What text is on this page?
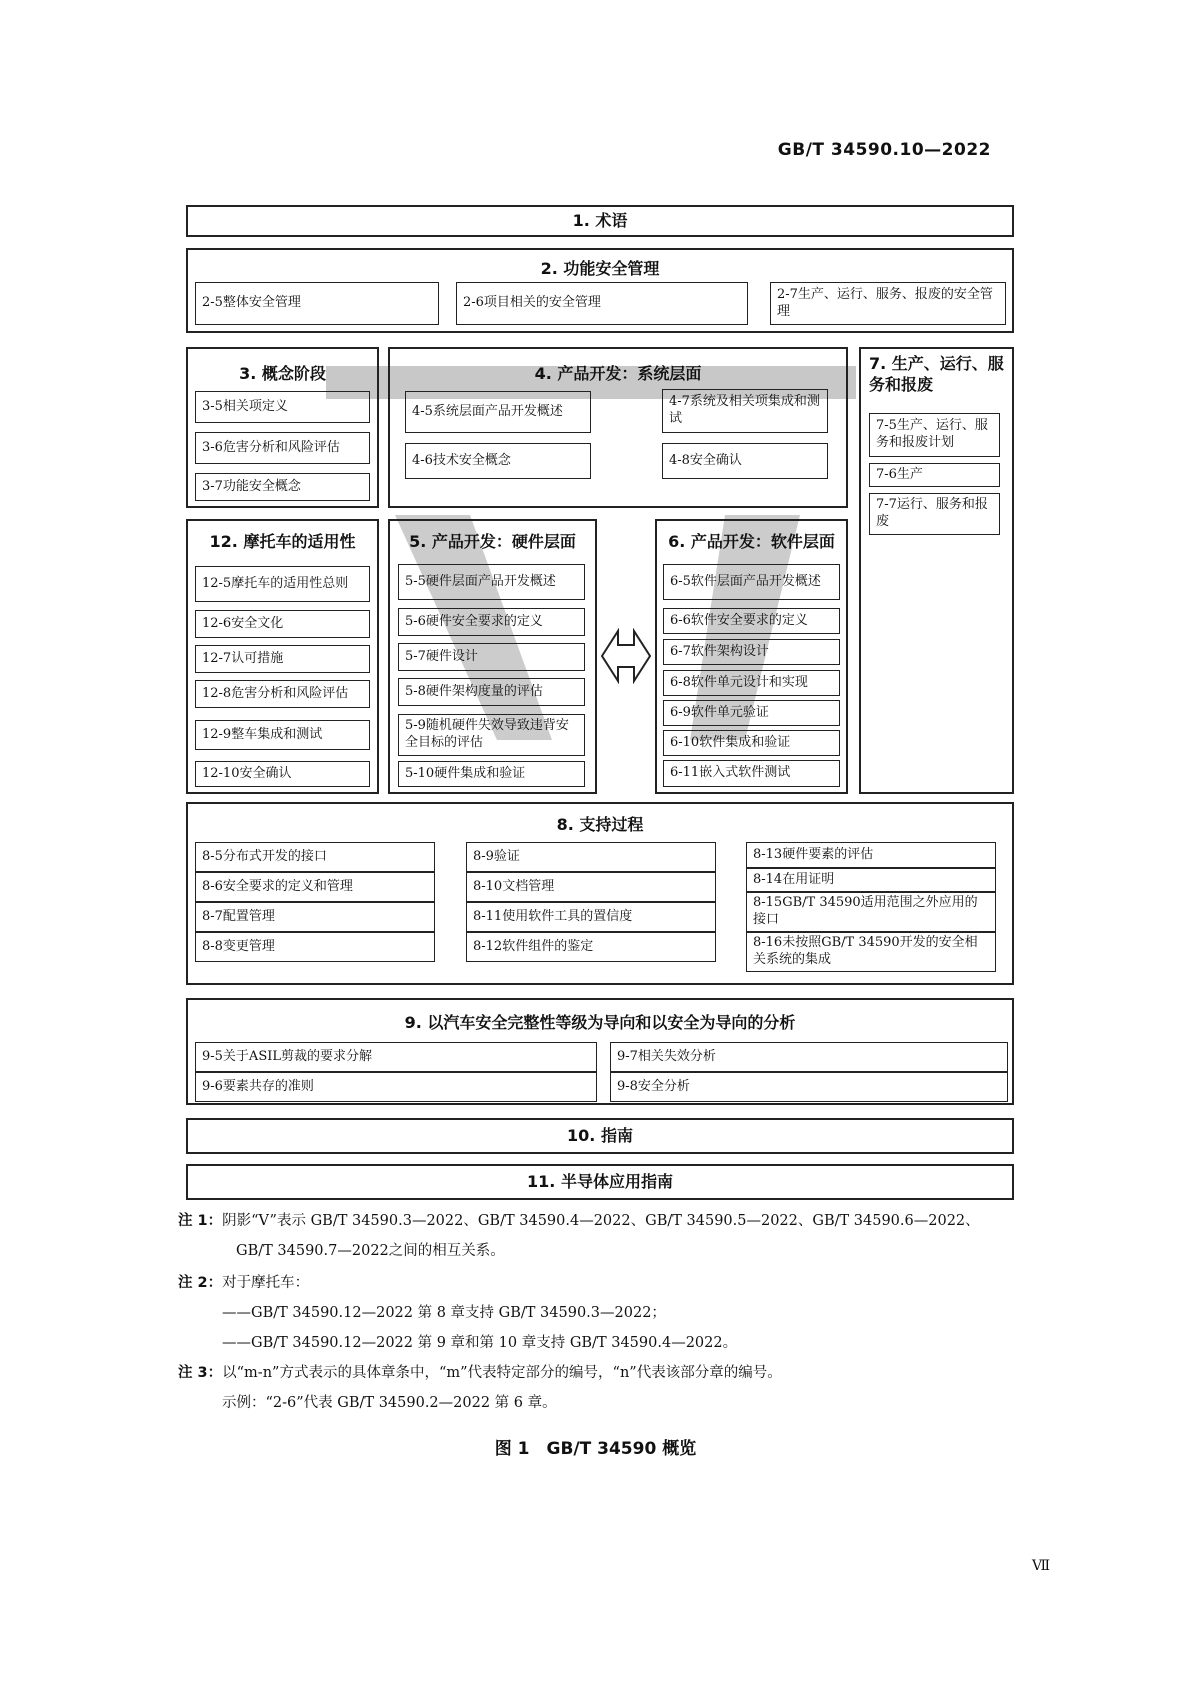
GB/T 34590.10—2022
1. 术语
2. 功能安全管理
2-5整体安全管理	2-6项目相关的安全管理
2-7生产、运行、服务、报废的安全管理
3. 概念阶段
3-5相关项定义
3-6危害分析和风险评估
3-7功能安全概念
4. 产品开发：系统层面
4-5系统层面产品开发概述
4-6技术安全概念
4-7系统及相关项集成和测试
4-8安全确认
7. 生产、运行、服务和报废
7-5生产、运行、服务和报废计划
7-6生产
7-7运行、服务和报废
12. 摩托车的适用性
12-5摩托车的适用性总则
12-6安全文化
12-7认可措施
12-8危害分析和风险评估
12-9整车集成和测试
12-10安全确认
5. 产品开发：硬件层面
5-5硬件层面产品开发概述
5-6硬件安全要求的定义
5-7硬件设计
5-8硬件架构度量的评估
5-9随机硬件失效导致违背安全目标的评估
5-10硬件集成和验证
6. 产品开发：软件层面
6-5软件层面产品开发概述
6-6软件安全要求的定义
6-7软件架构设计
6-8软件单元设计和实现
6-9软件单元验证
6-10软件集成和验证
6-11嵌入式软件测试
8. 支持过程
8-5分布式开发的接口
8-6安全要求的定义和管理
8-7配置管理
8-8变更管理
8-9验证
8-10文档管理
8-11使用软件工具的置信度
8-12软件组件的鉴定
8-13硬件要素的评估
8-14在用证明
8-15GB/T 34590适用范围之外应用的接口
8-16未按照GB/T 34590开发的安全相关系统的集成
9. 以汽车安全完整性等级为导向和以安全为导向的分析
9-5关于ASIL剪裁的要求分解
9-6要素共存的准则
9-7相关失效分析
9-8安全分析
10. 指南
11. 半导体应用指南
注 1：阴影“V”表示 GB/T 34590.3—2022、GB/T 34590.4—2022、GB/T 34590.5—2022、GB/T 34590.6—2022、
GB/T 34590.7—2022之间的相互关系。
注 2：对于摩托车：
——GB/T 34590.12—2022 第 8 章支持 GB/T 34590.3—2022；
——GB/T 34590.12—2022 第 9 章和第 10 章支持 GB/T 34590.4—2022。
注 3：以“m-n”方式表示的具体章条中，“m”代表特定部分的编号，“n”代表该部分章的编号。
示例：“2-6”代表 GB/T 34590.2—2022 第 6 章。
图 1　GB/T 34590 概览
Ⅶ
